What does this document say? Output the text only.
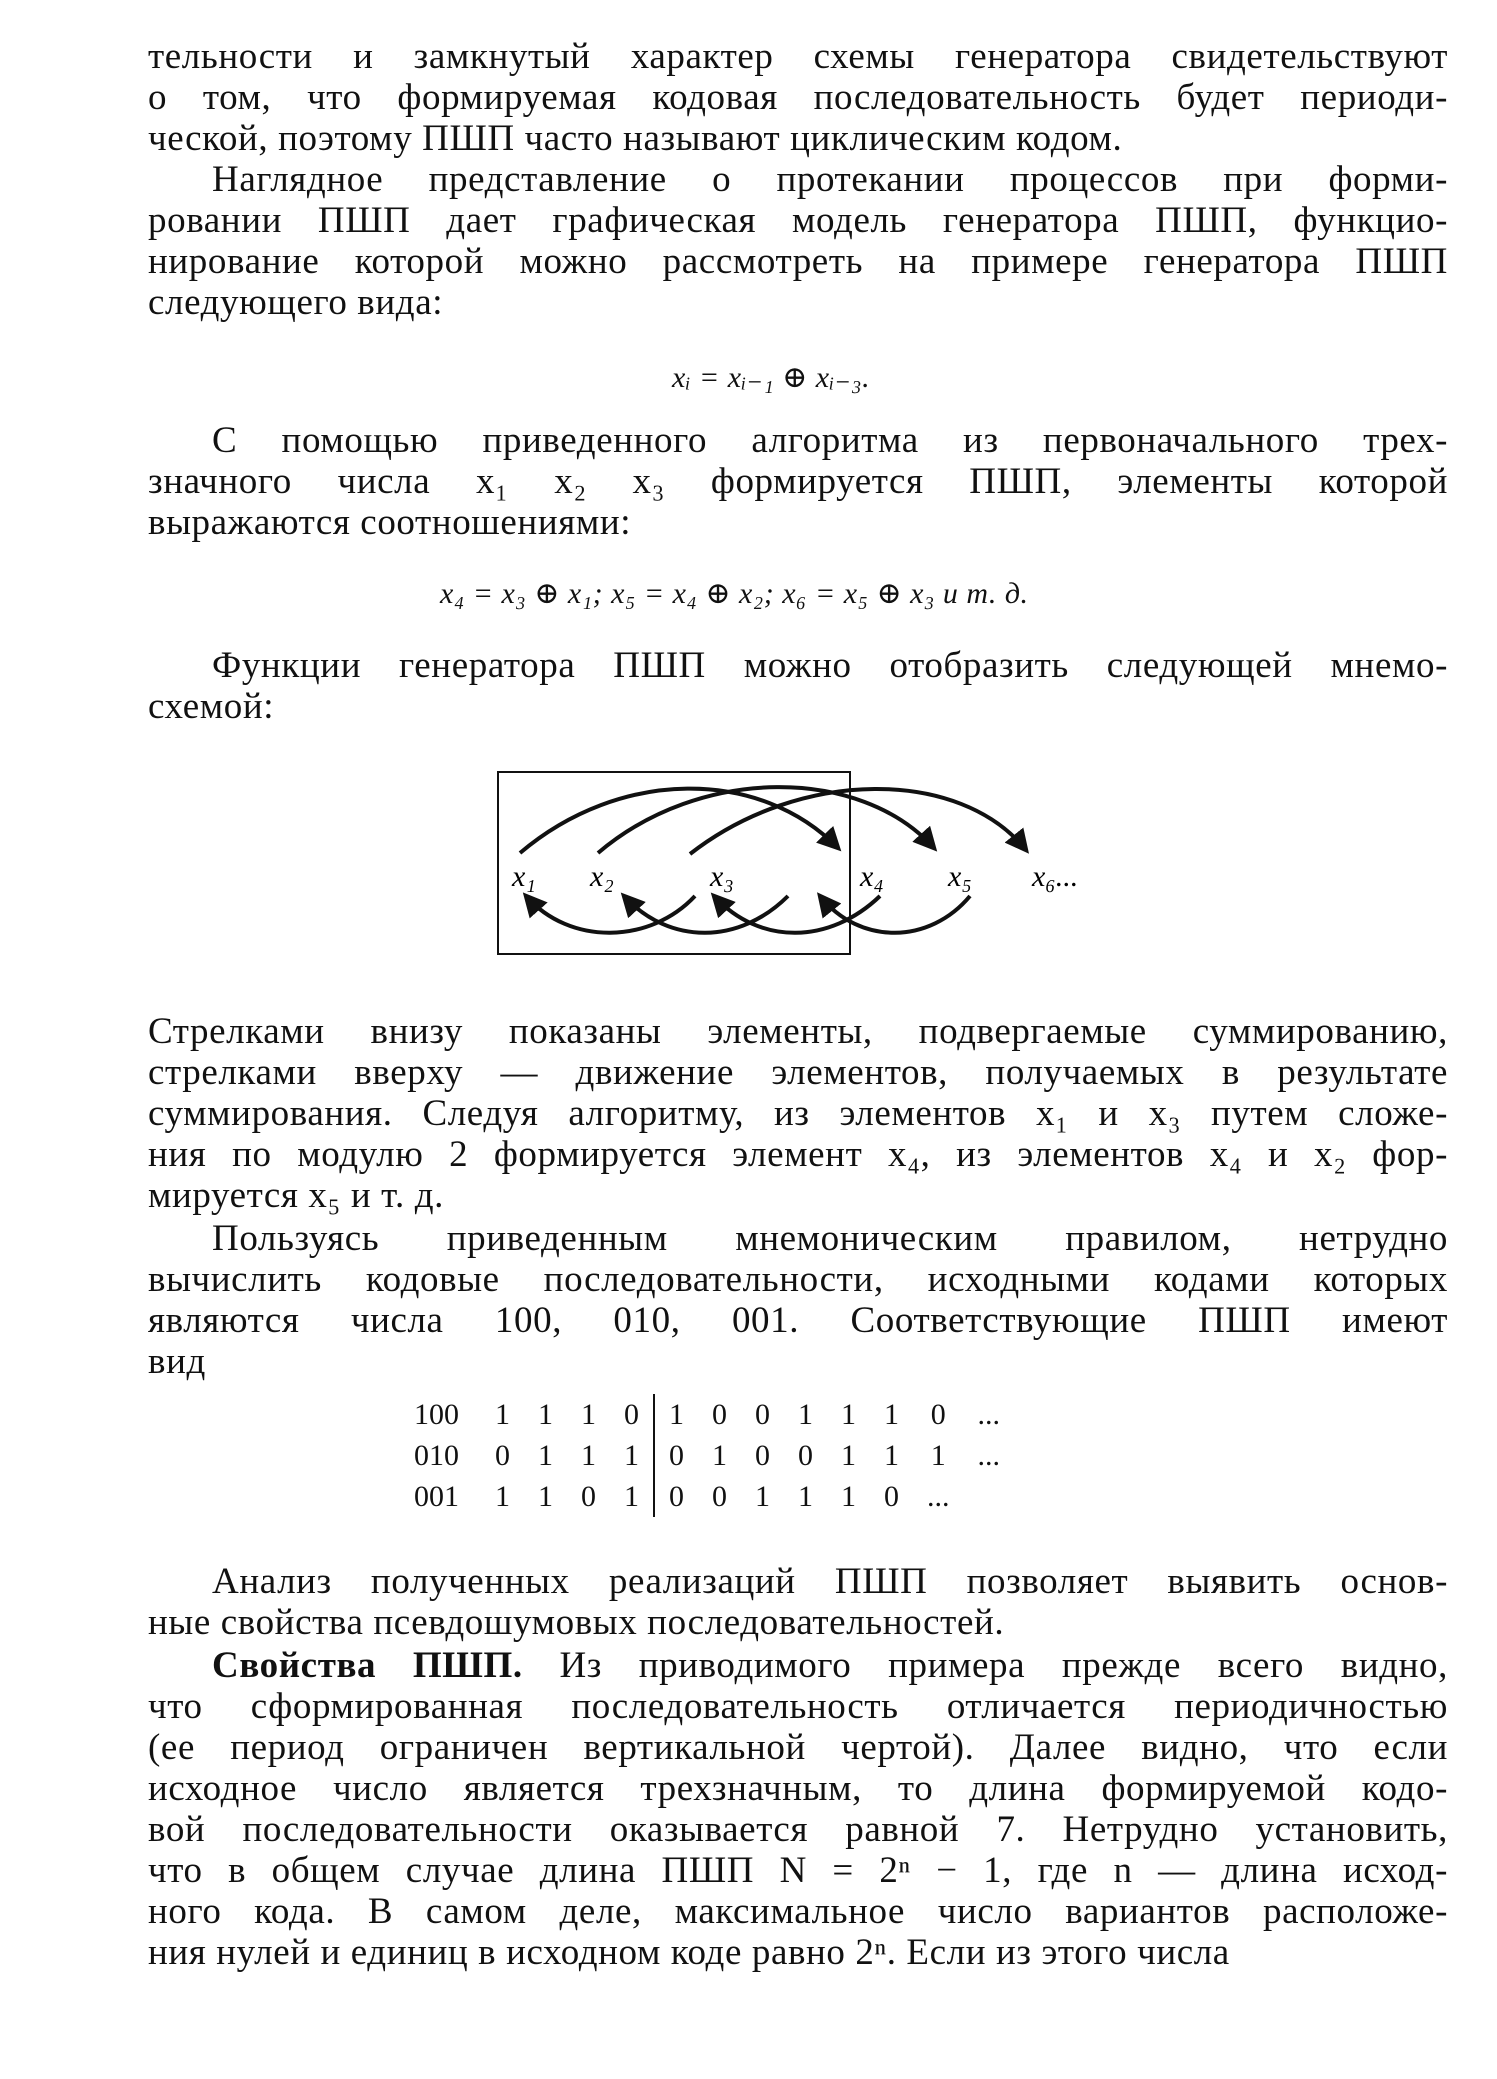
тельности и замкнутый характер схемы генератора свидетельствуют
о том, что формируемая кодовая последовательность будет периоди-
ческой, поэтому ПШП часто называют циклическим кодом.

Наглядное представление о протекании процессов при форми-
ровании ПШП дает графическая модель генератора ПШП, функцио-
нирование которой можно рассмотреть на примере генератора ПШП
следующего вида:

xᵢ = xᵢ₋₁ ⊕ xᵢ₋₃.

С помощью приведенного алгоритма из первоначального трех-
значного числа x₁ x₂ x₃ формируется ПШП, элементы которой
выражаются соотношениями:

x₄ = x₃ ⊕ x₁; x₅ = x₄ ⊕ x₂; x₆ = x₅ ⊕ x₃ и т. д.

Функции генератора ПШП можно отобразить следующей мнемо-
схемой:

x₁ x₂	x₃	x₄ x₅ x₆...

Стрелками внизу показаны элементы, подвергаемые суммированию,
стрелками вверху — движение элементов, получаемых в результате
суммирования. Следуя алгоритму, из элементов x₁ и x₃ путем сложе-
ния по модулю 2 формируется элемент x₄, из элементов x₄ и x₂ фор-
мируется x₅ и т. д.

Пользуясь приведенным мнемоническим правилом, нетрудно
вычислить кодовые последовательности, исходными кодами которых
являются числа 100, 010, 001. Соответствующие ПШП имеют
вид

100	1	1	1	0	1	0	0	1	1	1	0	...
010	0	1	1	1	0	1	0	0	1	1	1	...
001	1	1	0	1	0	0	1	1	1	0	...	

Анализ полученных реализаций ПШП позволяет выявить основ-
ные свойства псевдошумовых последовательностей.

Свойства ПШП. Из приводимого примера прежде всего видно,
что сформированная последовательность отличается периодичностью
(ее период ограничен вертикальной чертой). Далее видно, что если
исходное число является трехзначным, то длина формируемой кодо-
вой последовательности оказывается равной 7. Нетрудно установить,
что в общем случае длина ПШП N = 2ⁿ − 1, где n — длина исход-
ного кода. В самом деле, максимальное число вариантов расположе-
ния нулей и единиц в исходном коде равно 2ⁿ. Если из этого числа
